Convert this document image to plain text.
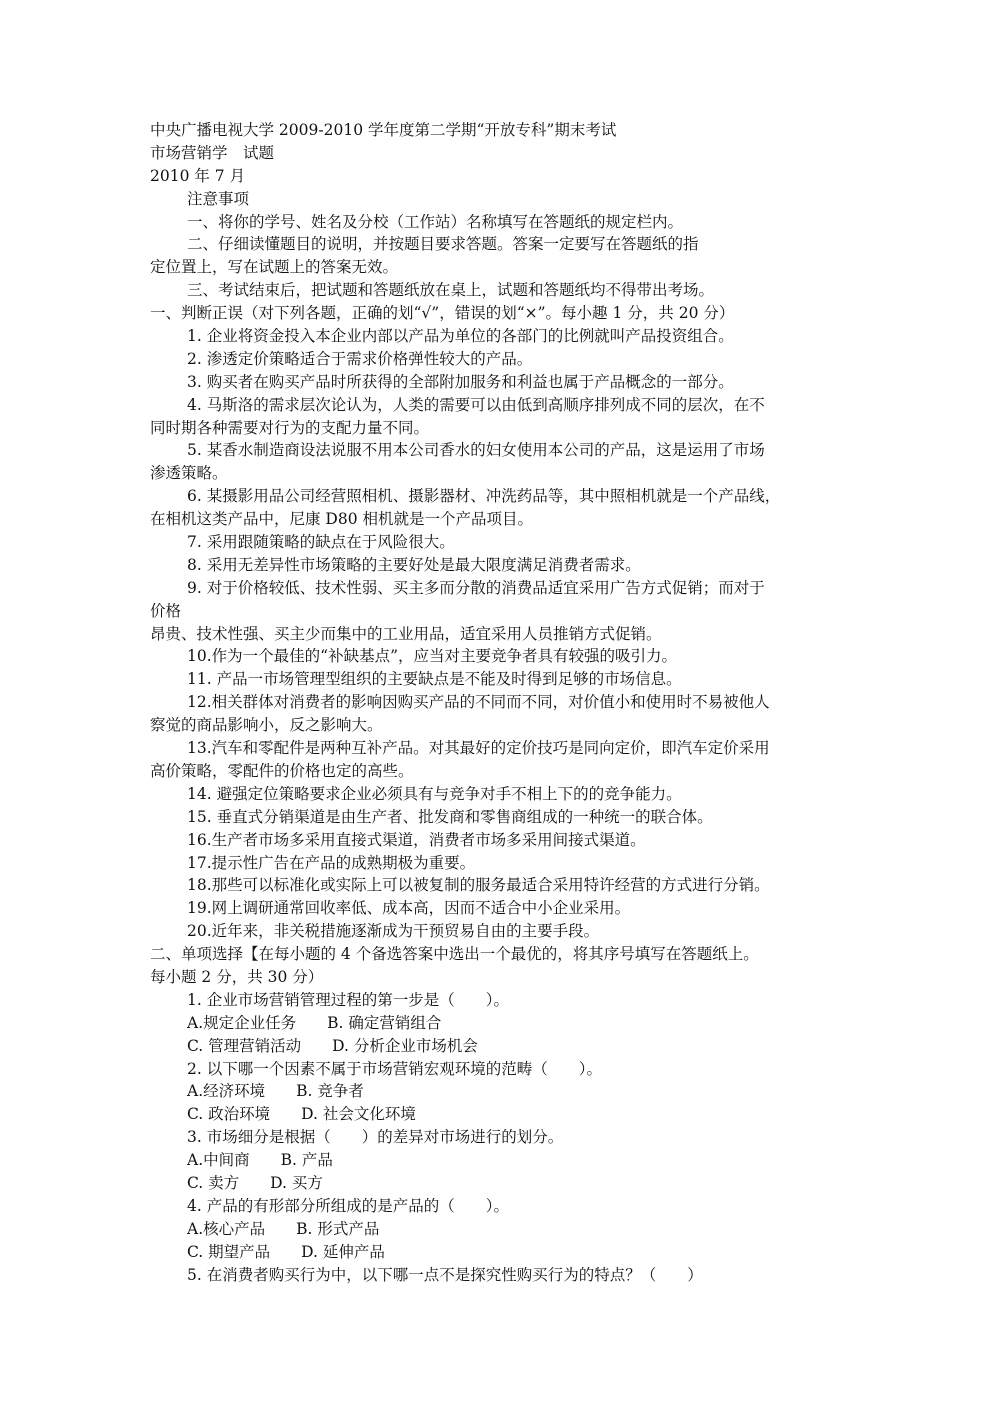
中央广播电视大学 2009-2010 学年度第二学期“开放专科”期末考试
市场营销学　试题
2010 年 7 月
注意事项
一、将你的学号、姓名及分校（工作站）名称填写在答题纸的规定栏内。
二、仔细读懂题目的说明，并按题目要求答题。答案一定要写在答题纸的指
定位置上，写在试题上的答案无效。
三、考试结束后，把试题和答题纸放在桌上，试题和答题纸均不得带出考场。
一、判断正误（对下列各题，正确的划“√”，错误的划“×”。每小趣 1 分，共 20 分）
1. 企业将资金投入本企业内部以产品为单位的各部门的比例就叫产品投资组合。
2. 渗透定价策略适合于需求价格弹性较大的产品。
3. 购买者在购买产品时所获得的全部附加服务和利益也属于产品概念的一部分。
4. 马斯洛的需求层次论认为，人类的需要可以由低到高顺序排列成不同的层次，在不
同时期各种需要对行为的支配力量不同。
5. 某香水制造商设法说服不用本公司香水的妇女使用本公司的产品，这是运用了市场
渗透策略。
6. 某摄影用品公司经营照相机、摄影器材、冲洗药品等，其中照相机就是一个产品线，
在相机这类产品中，尼康 D80 相机就是一个产品项目。
7. 采用跟随策略的缺点在于风险很大。
8. 采用无差异性市场策略的主要好处是最大限度满足消费者需求。
9. 对于价格较低、技术性弱、买主多而分散的消费品适宜采用广告方式促销；而对于
价格
昂贵、技术性强、买主少而集中的工业用品，适宜采用人员推销方式促销。
10.作为一个最佳的“补缺基点”，应当对主要竞争者具有较强的吸引力。
11. 产品一市场管理型组织的主要缺点是不能及时得到足够的市场信息。
12.相关群体对消费者的影响因购买产品的不同而不同，对价值小和使用时不易被他人
察觉的商品影响小，反之影响大。
13.汽车和零配件是两种互补产品。对其最好的定价技巧是同向定价，即汽车定价采用
高价策略，零配件的价格也定的高些。
14. 避强定位策略要求企业必须具有与竞争对手不相上下的的竞争能力。
15. 垂直式分销渠道是由生产者、批发商和零售商组成的一种统一的联合体。
16.生产者市场多采用直接式渠道，消费者市场多采用间接式渠道。
17.提示性广告在产品的成熟期极为重要。
18.那些可以标准化或实际上可以被复制的服务最适合采用特许经营的方式进行分销。
19.网上调研通常回收率低、成本高，因而不适合中小企业采用。
20.近年来，非关税措施逐渐成为干预贸易自由的主要手段。
二、单项选择【在每小题的 4 个备选答案中选出一个最优的，将其序号填写在答题纸上。
每小题 2 分，共 30 分）
1. 企业市场营销管理过程的第一步是（　　）。
A.规定企业任务　　B. 确定营销组合
C. 管理营销活动　　D. 分析企业市场机会
2. 以下哪一个因素不属于市场营销宏观环境的范畴（　　）。
A.经济环境　　B. 竞争者
C. 政治环境　　D. 社会文化环境
3. 市场细分是根据（　　）的差异对市场进行的划分。
A.中间商　　B. 产品
C. 卖方　　D. 买方
4. 产品的有形部分所组成的是产品的（　　）。
A.核心产品　　B. 形式产品
C. 期望产品　　D. 延伸产品
5. 在消费者购买行为中，以下哪一点不是探究性购买行为的特点？（　　）
